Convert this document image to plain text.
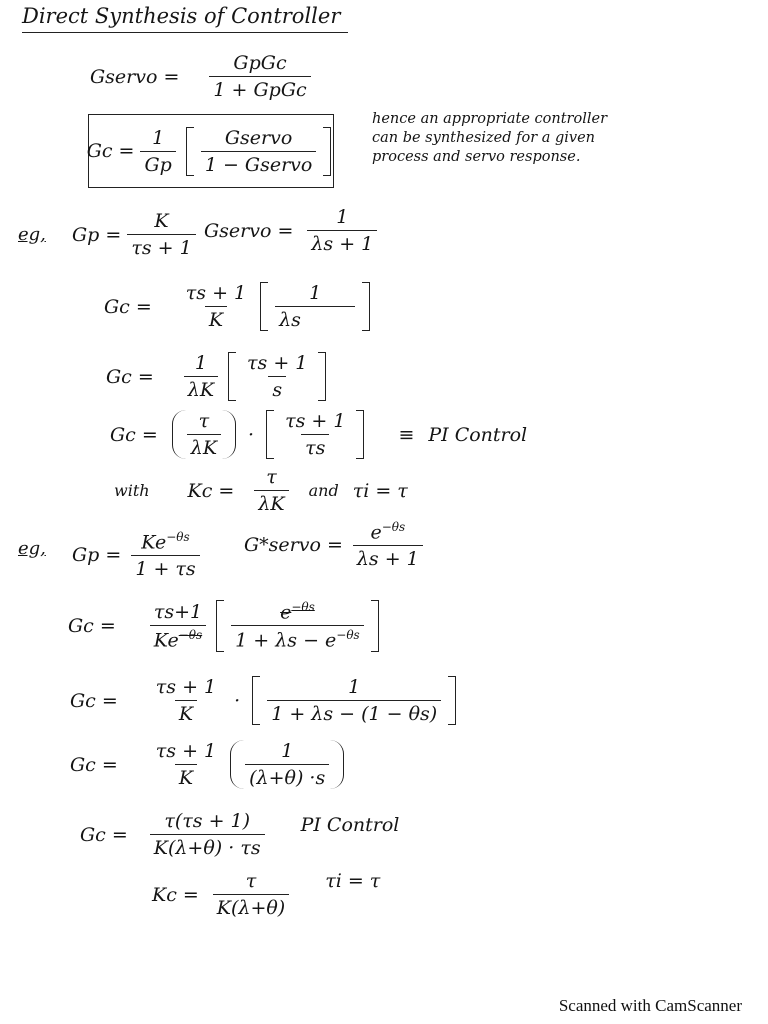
Direct Synthesis of Controller
Gservo = $\frac{\text{GpGc}}{\text{1 + GpGc}}$
$Gc = \frac{1}{Gp} \frac{\text{Gservo}}{\text{1 − Gservo}}$
hence an appropriate controller
can be synthesized for a given
process and servo response.
eg, $Gp = \frac{K}{\tau s + 1}$ Gservo = $\frac{1}{\lambda s + 1}$
$Gc = \frac{\tau s + 1}{K} \frac{1}{\lambda s}$
$Gc = \frac{1}{\lambda K} \frac{\tau s + 1}{s}$
$Gc = \frac{\tau}{\lambda K} \cdot \frac{\tau s + 1}{\tau s}$	≡ PI Control
with $Kc = \frac{\tau}{\lambda K}$ and τi = τ
eg, $Gp = \frac{Ke^{-\theta s}}{1 + \tau s}$ G*servo = $\frac{e^{-\theta s}}{\lambda s + 1}$
$Gc = \frac{\tau s+1}{Ke^{-\theta s}} \frac{e^{-\theta s}}{1 + \lambda s - e^{-\theta s}}$
$Gc = \frac{\tau s + 1}{K} \cdot \frac{1}{1 + \lambda s - (1 - \theta s)}$
$Gc = \frac{\tau s + 1}{K} \frac{1}{(\lambda+\theta) \cdot s}$
$Gc = \frac{\tau(\tau s + 1)}{K(\lambda+\theta) \cdot \tau s}$ PI Control
$Kc = \frac{\tau}{K(\lambda+\theta)}$ τi = τ
Scanned with CamScanner
